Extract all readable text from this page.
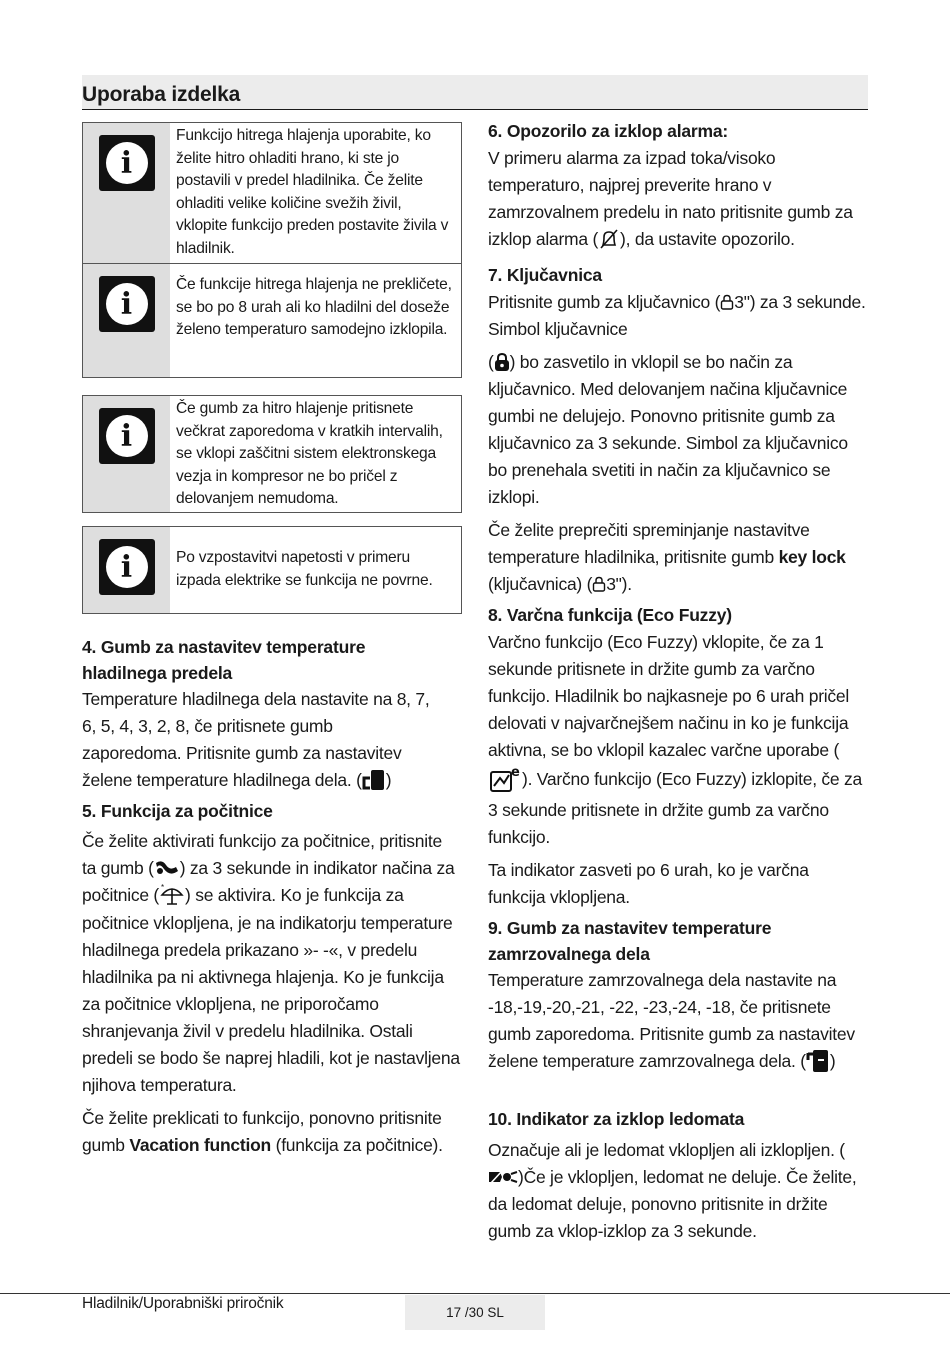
Uporaba izdelka
i
Funkcijo hitrega hlajenja uporabite, ko želite hitro ohladiti hrano, ki ste jo postavili v predel hladilnika. Če želite ohladiti velike količine svežih živil, vklopite funkcijo preden postavite živila v hladilnik.
i
Če funkcije hitrega hlajenja ne prekličete, se bo po 8 urah ali ko hladilni del doseže želeno temperaturo samodejno izklopila.
i
Če gumb za hitro hlajenje pritisnete večkrat zaporedoma v kratkih intervalih, se vklopi zaščitni sistem elektronskega vezja in kompresor ne bo pričel z delovanjem nemudoma.
i	Po vzpostavitvi napetosti v primeru izpada elektrike se funkcija ne povrne.
4. Gumb za nastavitev temperature hladilnega predela
Temperature hladilnega dela nastavite na 8, 7, 6, 5, 4, 3, 2, 8, če pritisnete gumb zaporedoma. Pritisnite gumb za nastavitev želene temperature hladilnega dela. ( )
5. Funkcija za počitnice
Če želite aktivirati funkcijo za počitnice, pritisnite ta gumb ( ) za 3 sekunde in indikator načina za počitnice ( * ) se aktivira. Ko je funkcija za počitnice vklopljena, je na indikatorju temperature hladilnega predela prikazano »- -«, v predelu hladilnika pa ni aktivnega hlajenja. Ko je funkcija za počitnice vklopljena, ne priporočamo shranjevanja živil v predelu hladilnika. Ostali predeli se bodo še naprej hladili, kot je nastavljena njihova temperatura.
Če želite preklicati to funkcijo, ponovno pritisnite gumb Vacation function (funkcija za počitnice).
6. Opozorilo za izklop alarma:
V primeru alarma za izpad toka/visoko temperaturo, najprej preverite hrano v zamrzovalnem predelu in nato pritisnite gumb za izklop alarma ( ), da ustavite opozorilo.
7. Ključavnica
Pritisnite gumb za ključavnico ( 3") za 3 sekunde. Simbol ključavnice
( ) bo zasvetilo in vklopil se bo način za ključavnico. Med delovanjem načina ključavnice gumbi ne delujejo. Ponovno pritisnite gumb za ključavnico za 3 sekunde. Simbol za ključavnico bo prenehala svetiti in način za ključavnico se izklopi.
Če želite preprečiti spreminjanje nastavitve temperature hladilnika, pritisnite gumb key lock (ključavnica) ( 3").
8. Varčna funkcija (Eco Fuzzy)
Varčno funkcijo (Eco Fuzzy) vklopite, če za 1 sekunde pritisnete in držite gumb za varčno funkcijo. Hladilnik bo najkasneje po 6 urah pričel delovati v najvarčnejšem načinu in ko je funkcija aktivna, se bo vklopil kazalec varčne uporabe (
e ). Varčno funkcijo (Eco Fuzzy) izklopite, če za 3 sekunde pritisnete in držite gumb za varčno funkcijo.
Ta indikator zasveti po 6 urah, ko je varčna funkcija vklopljena.
9. Gumb za nastavitev temperature zamrzovalnega dela
Temperature zamrzovalnega dela nastavite na -18,-19,-20,-21, -22, -23,-24, -18, če pritisnete gumb zaporedoma. Pritisnite gumb za nastavitev želene temperature zamrzovalnega dela. ( )
10. Indikator za izklop ledomata
Označuje ali je ledomat vklopljen ali izklopljen. ()Če je vklopljen, ledomat ne deluje. Če želite, da ledomat deluje, ponovno pritisnite in držite gumb za vklop-izklop za 3 sekunde.
Hladilnik/Uporabniški priročnik
17 /30 SL
